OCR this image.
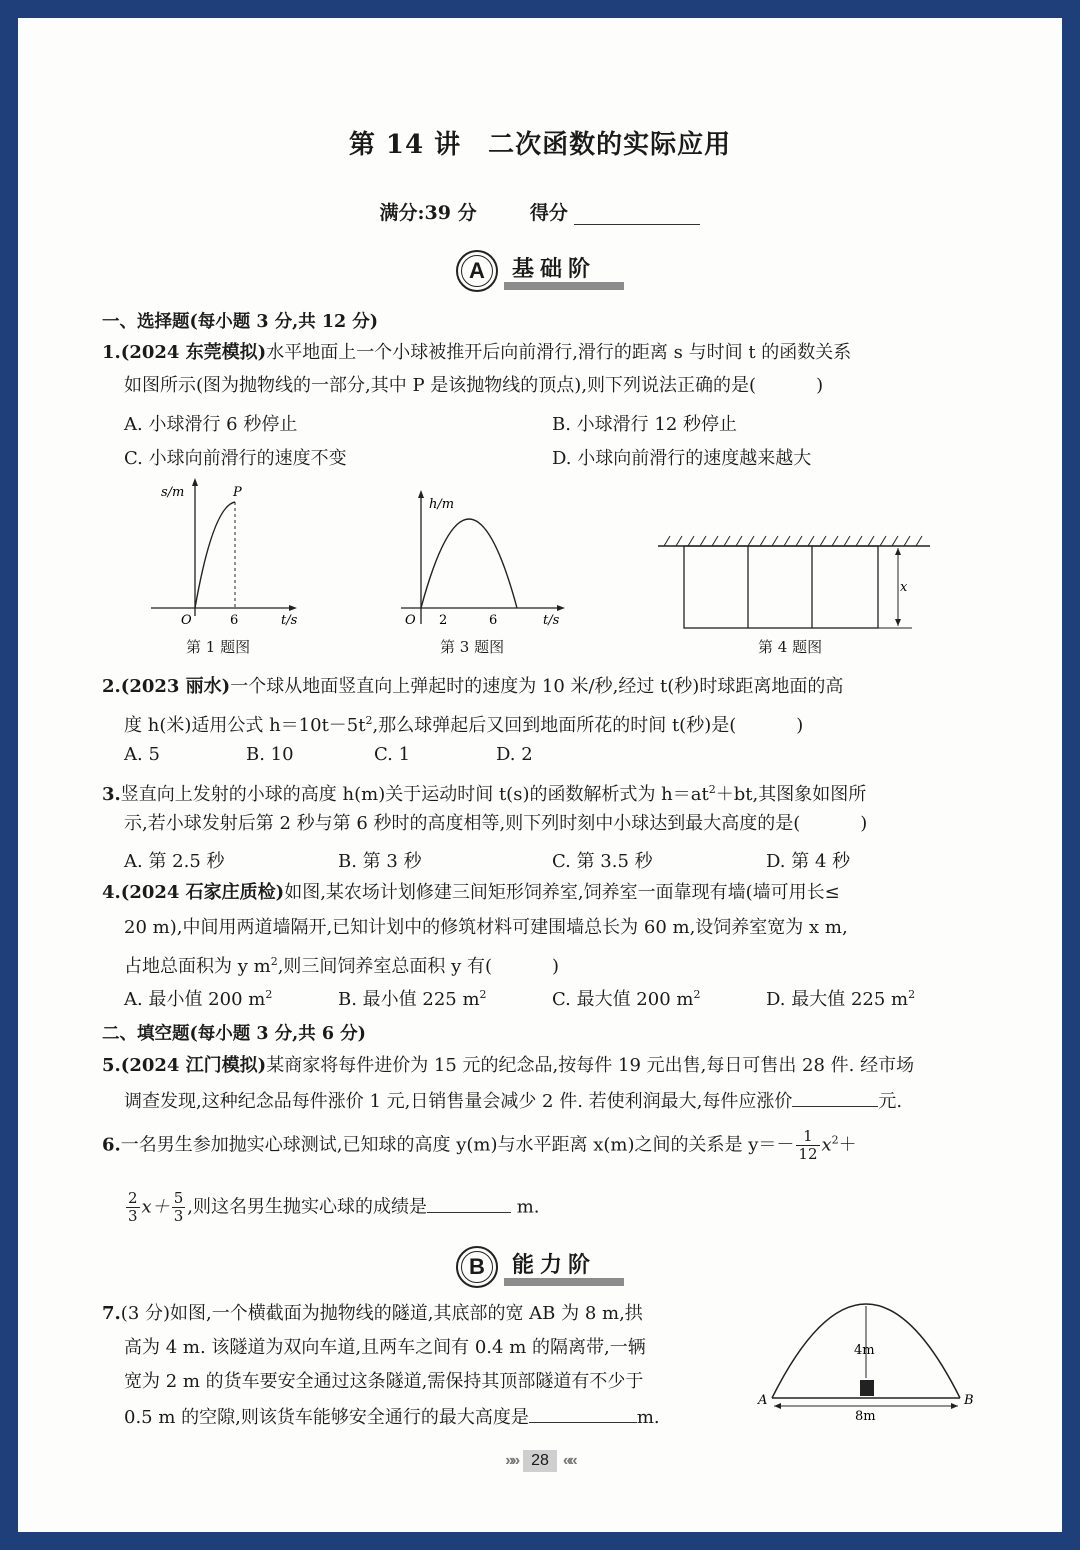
第 14 讲　二次函数的实际应用
满分:39 分	得分
A	基础阶
一、选择题(每小题 3 分,共 12 分)
1.(2024 东莞模拟)水平地面上一个小球被推开后向前滑行,滑行的距离 s 与时间 t 的函数关系
如图所示(图为抛物线的一部分,其中 P 是该抛物线的顶点),则下列说法正确的是(	)
A. 小球滑行 6 秒停止	B. 小球滑行 12 秒停止
C. 小球向前滑行的速度不变	D. 小球向前滑行的速度越来越大
s/m
t/s
O	6
P
第 1 题图
h/m
t/s
O 2	6
第 3 题图
x
第 4 题图
2.(2023 丽水)一个球从地面竖直向上弹起时的速度为 10 米/秒,经过 t(秒)时球距离地面的高
度 h(米)适用公式 $h=10t-5t^2$,那么球弹起后又回到地面所花的时间 t(秒)是(	)
A. 5	B. 10	C. 1	D. 2
3.竖直向上发射的小球的高度 h(m)关于运动时间 t(s)的函数解析式为 $h=at^2+bt$,其图象如图所
示,若小球发射后第 2 秒与第 6 秒时的高度相等,则下列时刻中小球达到最大高度的是(	)
A. 第 2.5 秒	B. 第 3 秒	C. 第 3.5 秒	D. 第 4 秒
4.(2024 石家庄质检)如图,某农场计划修建三间矩形饲养室,饲养室一面靠现有墙(墙可用长≤
20 m),中间用两道墙隔开,已知计划中的修筑材料可建围墙总长为 60 m,设饲养室宽为 x m,
占地总面积为 y $m^2$,则三间饲养室总面积 y 有(	)
A. 最小值 200 $m^2$	B. 最小值 225 $m^2$	C. 最大值 200 $m^2$	D. 最大值 225 $m^2$
二、填空题(每小题 3 分,共 6 分)
5.(2024 江门模拟)某商家将每件进价为 15 元的纪念品,按每件 19 元出售,每日可售出 28 件. 经市场
调查发现,这种纪念品每件涨价 1 元,日销售量会减少 2 件. 若使利润最大,每件应涨价	元.
6.一名男生参加抛实心球测试,已知球的高度 y(m)与水平距离 x(m)之间的关系是 $y=- \frac{1}{12} x^2+$
$\frac{2}{3} x+ \frac{5}{3}$ ,则这名男生抛实心球的成绩是	m.
B	能力阶
7.(3 分)如图,一个横截面为抛物线的隧道,其底部的宽 AB 为 8 m,拱
高为 4 m. 该隧道为双向车道,且两车之间有 0.4 m 的隔离带,一辆
宽为 2 m 的货车要安全通过这条隧道,需保持其顶部隧道有不少于
0.5 m 的空隙,则该货车能够安全通行的最大高度是	m.
4m
8m
A	B
»» 28 ««
